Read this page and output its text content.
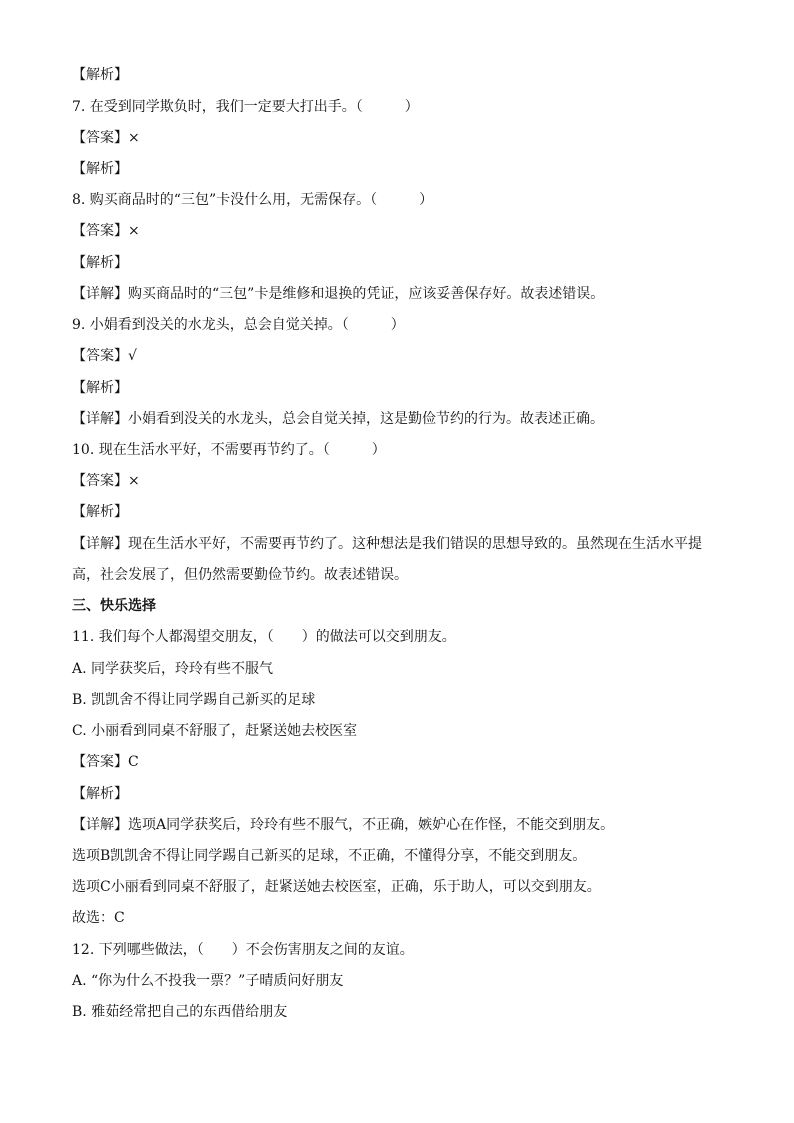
【解析】
7. 在受到同学欺负时，我们一定要大打出手。（　　　）
【答案】×
【解析】
8. 购买商品时的“三包”卡没什么用，无需保存。（　　　）
【答案】×
【解析】
【详解】购买商品时的“三包”卡是维修和退换的凭证，应该妥善保存好。故表述错误。
9. 小娟看到没关的水龙头，总会自觉关掉。（　　　）
【答案】√
【解析】
【详解】小娟看到没关的水龙头，总会自觉关掉，这是勤俭节约的行为。故表述正确。
10. 现在生活水平好，不需要再节约了。（　　　）
【答案】×
【解析】
【详解】现在生活水平好，不需要再节约了。这种想法是我们错误的思想导致的。虽然现在生活水平提
高，社会发展了，但仍然需要勤俭节约。故表述错误。
三、快乐选择
11. 我们每个人都渴望交朋友，（　　）的做法可以交到朋友。
A. 同学获奖后，玲玲有些不服气
B. 凯凯舍不得让同学踢自己新买的足球
C. 小丽看到同桌不舒服了，赶紧送她去校医室
【答案】C
【解析】
【详解】选项A同学获奖后，玲玲有些不服气，不正确，嫉妒心在作怪，不能交到朋友。
选项B凯凯舍不得让同学踢自己新买的足球，不正确，不懂得分享，不能交到朋友。
选项C小丽看到同桌不舒服了，赶紧送她去校医室，正确，乐于助人，可以交到朋友。
故选：C
12. 下列哪些做法，（　　）不会伤害朋友之间的友谊。
A. “你为什么不投我一票？”子晴质问好朋友
B. 雅茹经常把自己的东西借给朋友
